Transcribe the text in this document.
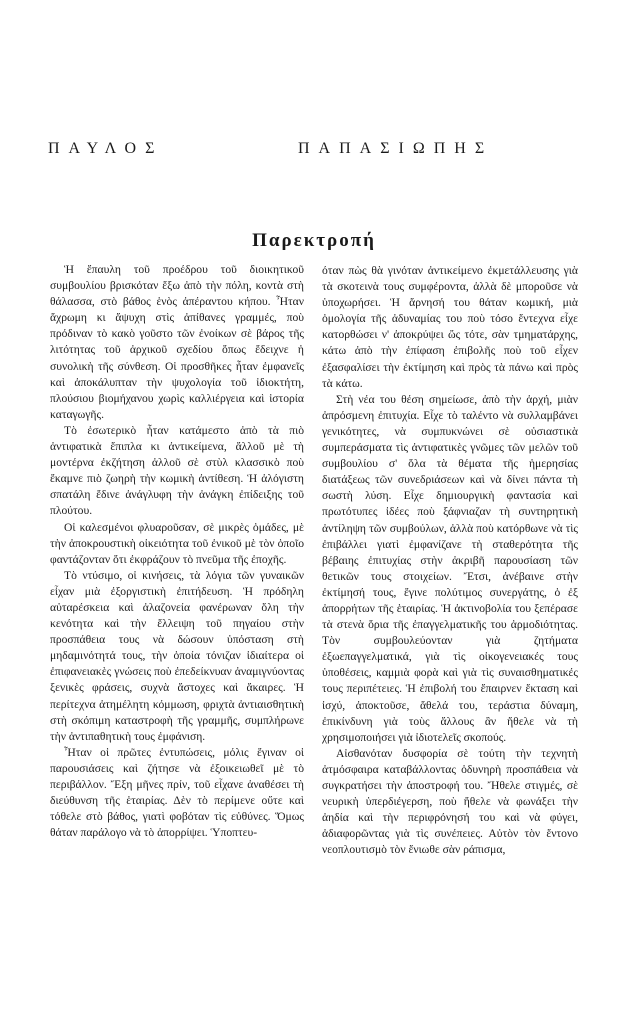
ΠΑΥΛΟΣ	ΠΑΠΑΣΙΩΠΗΣ
Παρεκτροπή

Ἡ ἔπαυλη τοῦ προέδρου τοῦ διοικητικοῦ συμβουλίου βρισκόταν ἔξω ἀπὸ τὴν πόλη, κοντὰ στὴ θάλασσα, στὸ βάθος ἑνὸς ἀπέραντου κήπου. Ἦταν ἄχρωμη κι ἄψυχη στὶς ἀπίθανες γραμμές, ποὺ πρόδιναν τὸ κακὸ γοῦστο τῶν ἐνοίκων σὲ βάρος τῆς λιτότητας τοῦ ἀρχικοῦ σχεδίου ὅπως ἔδειχνε ἡ συνολικὴ τῆς σύνθεση. Οἱ προσθῆκες ἦταν ἐμφανεῖς καὶ ἀποκάλυπταν τὴν ψυχολογία τοῦ ἰδιοκτήτη, πλούσιου βιομήχανου χωρὶς καλλιέργεια καὶ ἱστορία καταγωγῆς.

Τὸ ἐσωτερικὸ ἦταν κατάμεστο ἀπὸ τὰ πιὸ ἀντιφατικὰ ἔπιπλα κι ἀντικείμενα, ἄλλοῦ μὲ τὴ μοντέρνα ἐκζήτηση ἀλλοῦ σὲ στὺλ κλασσικὸ ποὺ ἔκαμνε πιὸ ζωηρὴ τὴν κωμικὴ ἀντίθεση. Ἡ ἀλόγιστη σπατάλη ἔδινε ἀνάγλυφη τὴν ἀνάγκη ἐπίδειξης τοῦ πλούτου.

Οἱ καλεσμένοι φλυαροῦσαν, σὲ μικρὲς ὁμάδες, μὲ τὴν ἀποκρουστικὴ οἰκειότητα τοῦ ἐνικοῦ μὲ τὸν ὁποῖο φαντάζονταν ὅτι ἐκφράζουν τὸ πνεῦμα τῆς ἐποχῆς.

Τὸ ντύσιμο, οἱ κινήσεις, τὰ λόγια τῶν γυναικῶν εἶχαν μιὰ ἐξοργιστικὴ ἐπιτήδευση. Ἡ πρόδηλη αὐταρέσκεια καὶ ἀλαζονεία φανέρωναν ὅλη τὴν κενότητα καὶ τὴν ἔλλειψη τοῦ πηγαίου στὴν προσπάθεια τους νὰ δώσουν ὑπόσταση στὴ μηδαμινότητά τους, τὴν ὁποία τόνιζαν ἰδιαίτερα οἱ ἐπιφανειακὲς γνώσεις ποὺ ἐπεδείκνυαν ἀναμιγνύοντας ξενικὲς φράσεις, συχνὰ ἄστοχες καὶ ἄκαιρες. Ἡ περίτεχνα ἀτημέλητη κόμμωση, φριχτὰ ἀντιαισθητικὴ στὴ σκόπιμη καταστροφὴ τῆς γραμμῆς, συμπλήρωνε τὴν ἀντιπαθητικὴ τους ἐμφάνιση.

Ἦταν οἱ πρῶτες ἐντυπώσεις, μόλις ἔγιναν οἱ παρουσιάσεις καὶ ζήτησε νὰ ἐξοικειωθεῖ μὲ τὸ περιβάλλον. Ἔξη μῆνες πρίν, τοῦ εἶχανε ἀναθέσει τὴ διεύθυνση τῆς ἑταιρίας. Δὲν τὸ περίμενε οὔτε καὶ τόθελε στὸ βάθος, γιατὶ φοβόταν τὶς εὐθύνες. Ὅμως θάταν παράλογο νὰ τὸ ἀπορρίψει. Ὑποπτευ-

όταν πὼς θὰ γινόταν ἀντικείμενο ἐκμετάλλευσης γιὰ τὰ σκοτεινὰ τους συμφέροντα, ἀλλὰ δὲ μποροῦσε νὰ ὑποχωρήσει. Ἡ ἄρνησή του θάταν κωμική, μιὰ ὁμολογία τῆς ἀδυναμίας του ποὺ τόσο ἔντεχνα εἶχε κατορθώσει ν' ἀποκρύψει ὥς τότε, σὰν τμηματάρχης, κάτω ἀπὸ τὴν ἐπίφαση ἐπιβολῆς ποὺ τοῦ εἶχεν ἐξασφαλίσει τὴν ἐκτίμηση καὶ πρὸς τὰ πάνω καὶ πρὸς τὰ κάτω.

Στὴ νέα του θέση σημείωσε, ἀπὸ τὴν ἀρχή, μιὰν ἀπρόσμενη ἐπιτυχία. Εἶχε τὸ ταλέντο νὰ συλλαμβάνει γενικότητες, νὰ συμπυκνώνει σὲ οὐσιαστικὰ συμπεράσματα τὶς ἀντιφατικὲς γνῶμες τῶν μελῶν τοῦ συμβουλίου σ' ὅλα τὰ θέματα τῆς ἡμερησίας διατάξεως τῶν συνεδριάσεων καὶ νὰ δίνει πάντα τὴ σωστὴ λύση. Εἶχε δημιουργικὴ φαντασία καὶ πρωτότυπες ἰδέες ποὺ ξάφνιαζαν τὴ συντηρητικὴ ἀντίληψη τῶν συμβούλων, ἀλλὰ ποὺ κατόρθωνε νὰ τὶς ἐπιβάλλει γιατὶ ἐμφανίζανε τὴ σταθερότητα τῆς βέβαιης ἐπιτυχίας στὴν ἀκριβῆ παρουσίαση τῶν θετικῶν τους στοιχείων. Ἔτσι, ἀνέβαινε στὴν ἐκτίμησή τους, ἔγινε πολύτιμος συνεργάτης, ὁ ἐξ ἀπορρήτων τῆς ἑταιρίας. Ἡ ἀκτινοβολία του ξεπέρασε τὰ στενὰ ὅρια τῆς ἐπαγγελματικῆς του ἁρμοδιότητας. Τὸν συμβουλεύονταν γιὰ ζητήματα ἐξωεπαγγελματικά, γιὰ τὶς οἰκογενειακές τους ὑποθέσεις, καμμιὰ φορὰ καὶ γιὰ τὶς συναισθηματικές τους περιπέτειες. Ἡ ἐπιβολή του ἔπαιρνεν ἔκταση καὶ ἰσχύ, ἀποκτοῦσε, ἄθελά του, τεράστια δύναμη, ἐπικίνδυνη γιὰ τοὺς ἄλλους ἂν ἤθελε νὰ τὴ χρησιμοποιήσει γιὰ ἰδιοτελεῖς σκοπούς.

Αἰσθανόταν δυσφορία σὲ τούτη τὴν τεχνητὴ ἀτμόσφαιρα καταβάλλοντας ὀδυνηρὴ προσπάθεια νὰ συγκρατήσει τὴν ἀποστροφή του. Ἤθελε στιγμές, σὲ νευρικὴ ὑπερδιέγερση, ποὺ ἤθελε νὰ φωνάξει τὴν ἀηδία καὶ τὴν περιφρόνησή του καὶ νὰ φύγει, ἀδιαφορῶντας γιὰ τὶς συνέπειες. Αὐτὸν τὸν ἔντονο νεοπλουτισμὸ τὸν ἔνιωθε σὰν ράπισμα,
